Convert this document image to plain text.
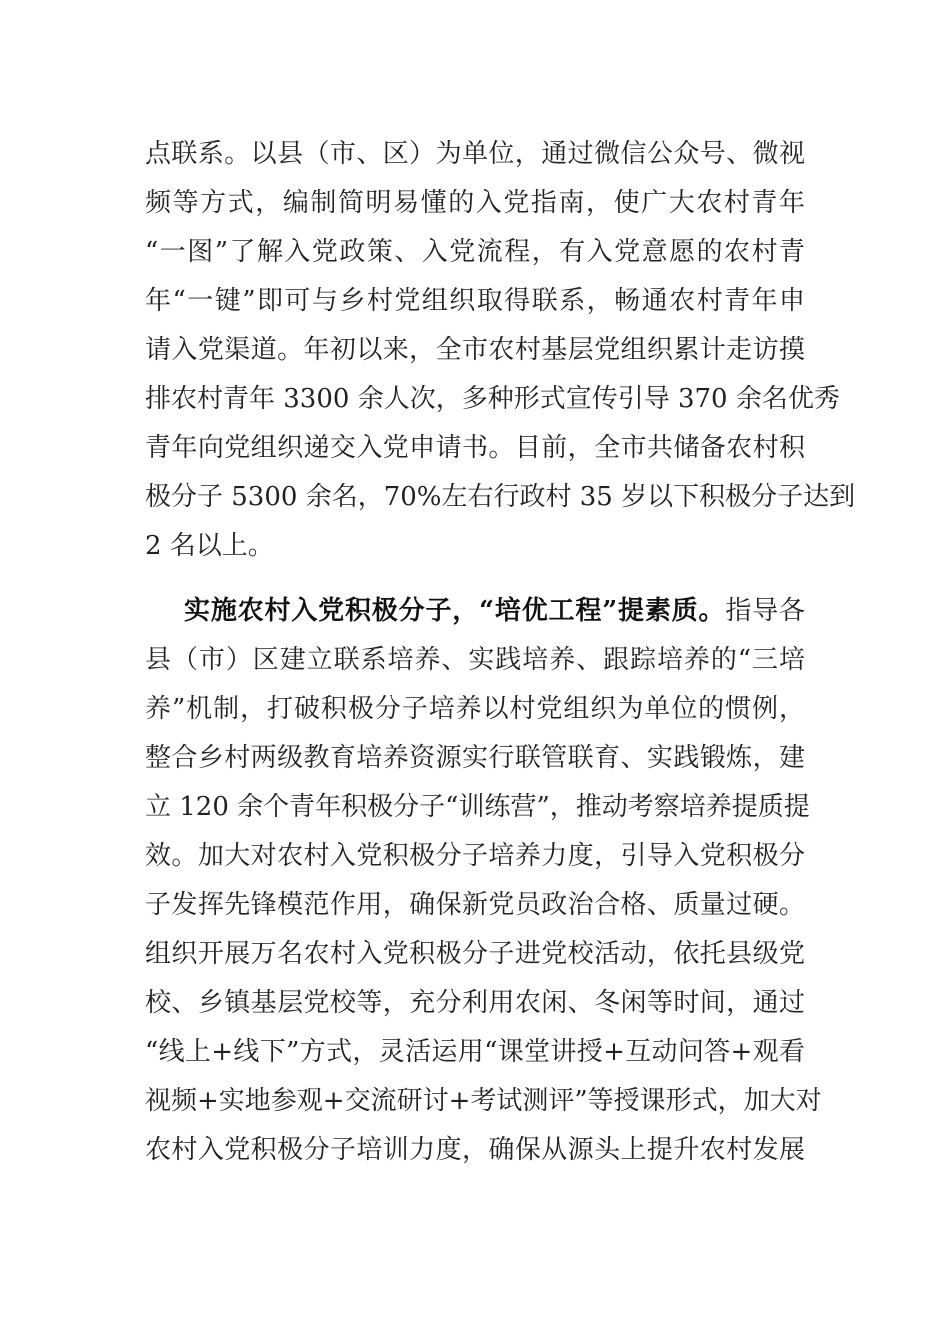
点联系。以县（市、区）为单位，通过微信公众号、微视
频等方式，编制简明易懂的入党指南，使广大农村青年
“一图”了解入党政策、入党流程，有入党意愿的农村青
年“一键”即可与乡村党组织取得联系，畅通农村青年申
请入党渠道。年初以来，全市农村基层党组织累计走访摸
排农村青年 3300 余人次，多种形式宣传引导 370 余名优秀
青年向党组织递交入党申请书。目前，全市共储备农村积
极分子 5300 余名，70%左右行政村 35 岁以下积极分子达到
2 名以上。
实施农村入党积极分子，“培优工程”提素质。指导各
县（市）区建立联系培养、实践培养、跟踪培养的“三培
养”机制，打破积极分子培养以村党组织为单位的惯例，
整合乡村两级教育培养资源实行联管联育、实践锻炼，建
立 120 余个青年积极分子“训练营”，推动考察培养提质提
效。加大对农村入党积极分子培养力度，引导入党积极分
子发挥先锋模范作用，确保新党员政治合格、质量过硬。
组织开展万名农村入党积极分子进党校活动，依托县级党
校、乡镇基层党校等，充分利用农闲、冬闲等时间，通过
“线上+线下”方式，灵活运用“课堂讲授+互动问答+观看
视频+实地参观+交流研讨+考试测评”等授课形式，加大对
农村入党积极分子培训力度，确保从源头上提升农村发展
